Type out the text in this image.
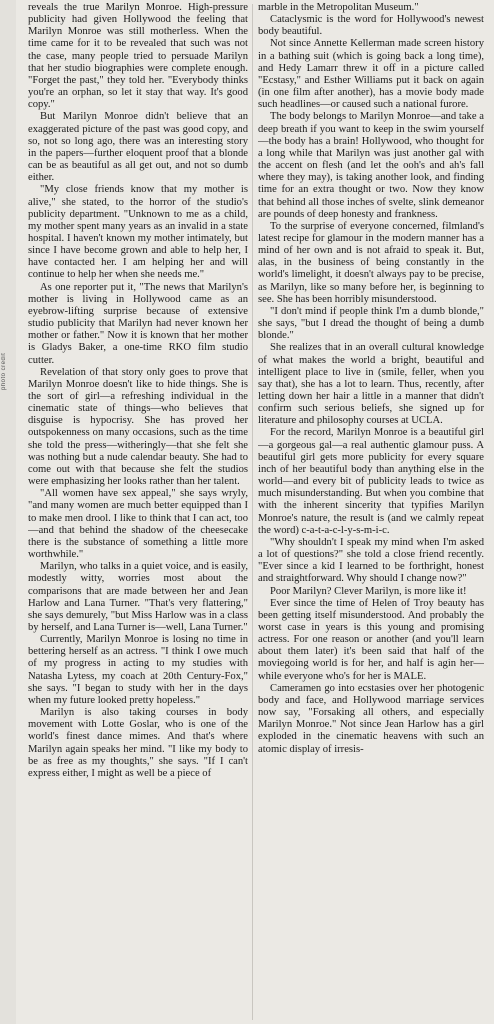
photo credit

reveals the true Marilyn Monroe. High-pressure publicity had given Hollywood the feeling that Marilyn Monroe was still motherless. When the time came for it to be revealed that such was not the case, many people tried to persuade Marilyn that her studio biographies were complete enough. "Forget the past," they told her. "Everybody thinks you're an orphan, so let it stay that way. It's good copy."

But Marilyn Monroe didn't believe that an exaggerated picture of the past was good copy, and so, not so long ago, there was an interesting story in the papers—further eloquent proof that a blonde can be as beautiful as all get out, and not so dumb either.

"My close friends know that my mother is alive," she stated, to the horror of the studio's publicity department. "Unknown to me as a child, my mother spent many years as an invalid in a state hospital. I haven't known my mother intimately, but since I have become grown and able to help her, I have contacted her. I am helping her and will continue to help her when she needs me."

As one reporter put it, "The news that Marilyn's mother is living in Hollywood came as an eyebrow-lifting surprise because of extensive studio publicity that Marilyn had never known her mother or father." Now it is known that her mother is Gladys Baker, a one-time RKO film studio cutter.

Revelation of that story only goes to prove that Marilyn Monroe doesn't like to hide things. She is the sort of girl—a refreshing individual in the cinematic state of things—who believes that disguise is hypocrisy. She has proved her outspokenness on many occasions, such as the time she told the press—witheringly—that she felt she was nothing but a nude calendar beauty. She had to come out with that because she felt the studios were emphasizing her looks rather than her talent.

"All women have sex appeal," she says wryly, "and many women are much better equipped than I to make men drool. I like to think that I can act, too—and that behind the shadow of the cheesecake there is the substance of something a little more worthwhile."

Marilyn, who talks in a quiet voice, and is easily, modestly witty, worries most about the comparisons that are made between her and Jean Harlow and Lana Turner. "That's very flattering," she says demurely, "but Miss Harlow was in a class by herself, and Lana Turner is—well, Lana Turner."

Currently, Marilyn Monroe is losing no time in bettering herself as an actress. "I think I owe much of my progress in acting to my studies with Natasha Lytess, my coach at 20th Century-Fox," she says. "I began to study with her in the days when my future looked pretty hopeless."

Marilyn is also taking courses in body movement with Lotte Goslar, who is one of the world's finest dance mimes. And that's where Marilyn again speaks her mind. "I like my body to be as free as my thoughts," she says. "If I can't express either, I might as well be a piece of

marble in the Metropolitan Museum."

Cataclysmic is the word for Hollywood's newest body beautiful.

Not since Annette Kellerman made screen history in a bathing suit (which is going back a long time), and Hedy Lamarr threw it off in a picture called "Ecstasy," and Esther Williams put it back on again (in one film after another), has a movie body made such headlines—or caused such a national furore.

The body belongs to Marilyn Monroe—and take a deep breath if you want to keep in the swim yourself—the body has a brain! Hollywood, who thought for a long while that Marilyn was just another gal with the accent on flesh (and let the ooh's and ah's fall where they may), is taking another look, and finding time for an extra thought or two. Now they know that behind all those inches of svelte, slink demeanor are pounds of deep honesty and frankness.

To the surprise of everyone concerned, filmland's latest recipe for glamour in the modern manner has a mind of her own and is not afraid to speak it. But, alas, in the business of being constantly in the world's limelight, it doesn't always pay to be precise, as Marilyn, like so many before her, is beginning to see. She has been horribly misunderstood.

"I don't mind if people think I'm a dumb blonde," she says, "but I dread the thought of being a dumb blonde."

She realizes that in an overall cultural knowledge of what makes the world a bright, beautiful and intelligent place to live in (smile, feller, when you say that), she has a lot to learn. Thus, recently, after letting down her hair a little in a manner that didn't confirm such serious beliefs, she signed up for literature and philosophy courses at UCLA.

For the record, Marilyn Monroe is a beautiful girl—a gorgeous gal—a real authentic glamour puss. A beautiful girl gets more publicity for every square inch of her beautiful body than anything else in the world—and every bit of publicity leads to twice as much misunderstanding. But when you combine that with the inherent sincerity that typifies Marilyn Monroe's nature, the result is (and we calmly repeat the word) c-a-t-a-c-l-y-s-m-i-c.

"Why shouldn't I speak my mind when I'm asked a lot of questions?" she told a close friend recently. "Ever since a kid I learned to be forthright, honest and straightforward. Why should I change now?"

Poor Marilyn? Clever Marilyn, is more like it!

Ever since the time of Helen of Troy beauty has been getting itself misunderstood. And probably the worst case in years is this young and promising actress. For one reason or another (and you'll learn about them later) it's been said that half of the moviegoing world is for her, and half is agin her—while everyone who's for her is MALE.

Cameramen go into ecstasies over her photogenic body and face, and Hollywood marriage services now say, "Forsaking all others, and especially Marilyn Monroe." Not since Jean Harlow has a girl exploded in the cinematic heavens with such an atomic display of irresis-
